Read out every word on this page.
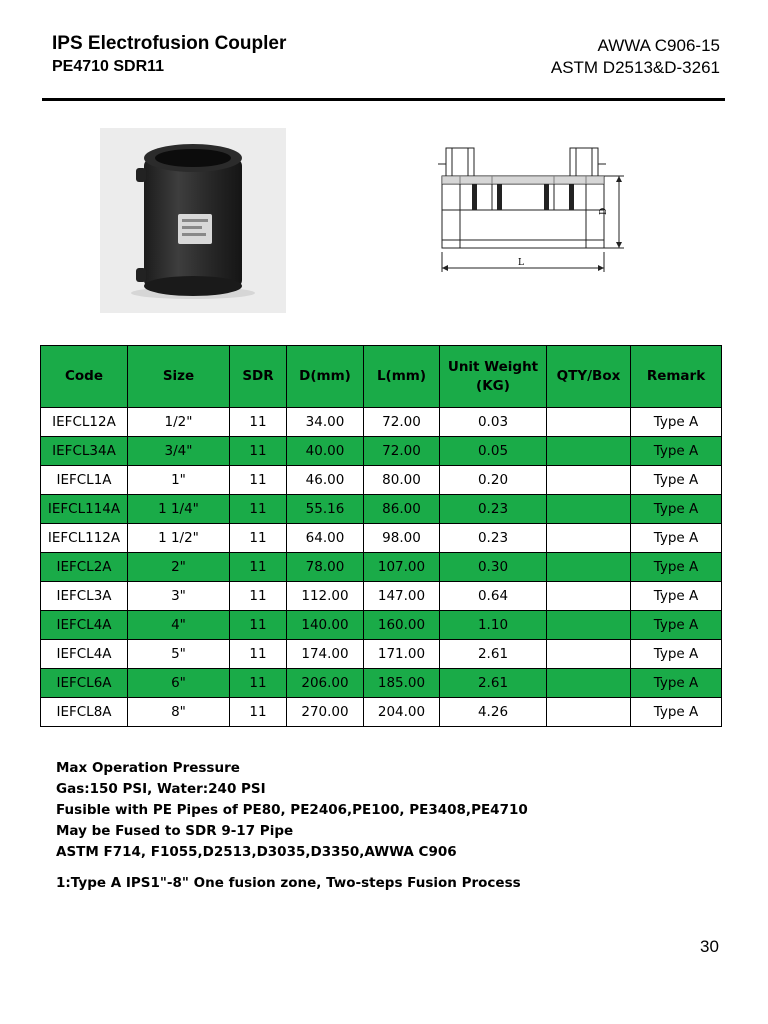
IPS Electrofusion Coupler
PE4710 SDR11
AWWA C906-15
ASTM D2513&D-3261
D
L
Code	Size	SDR	D(mm)	L(mm)	Unit Weight (KG)	QTY/Box	Remark
IEFCL12A	1/2"	11	34.00	72.00	0.03		Type A
IEFCL34A	3/4"	11	40.00	72.00	0.05		Type A
IEFCL1A	1"	11	46.00	80.00	0.20		Type A
IEFCL114A	1 1/4"	11	55.16	86.00	0.23		Type A
IEFCL112A	1 1/2"	11	64.00	98.00	0.23		Type A
IEFCL2A	2"	11	78.00	107.00	0.30		Type A
IEFCL3A	3"	11	112.00	147.00	0.64		Type A
IEFCL4A	4"	11	140.00	160.00	1.10		Type A
IEFCL4A	5"	11	174.00	171.00	2.61		Type A
IEFCL6A	6"	11	206.00	185.00	2.61		Type A
IEFCL8A	8"	11	270.00	204.00	4.26		Type A
Max Operation Pressure
Gas:150 PSI, Water:240 PSI
Fusible with PE Pipes of PE80, PE2406,PE100, PE3408,PE4710
May be Fused to SDR 9-17 Pipe
ASTM F714, F1055,D2513,D3035,D3350,AWWA C906
1:Type A IPS1"-8" One fusion zone, Two-steps Fusion Process
30
